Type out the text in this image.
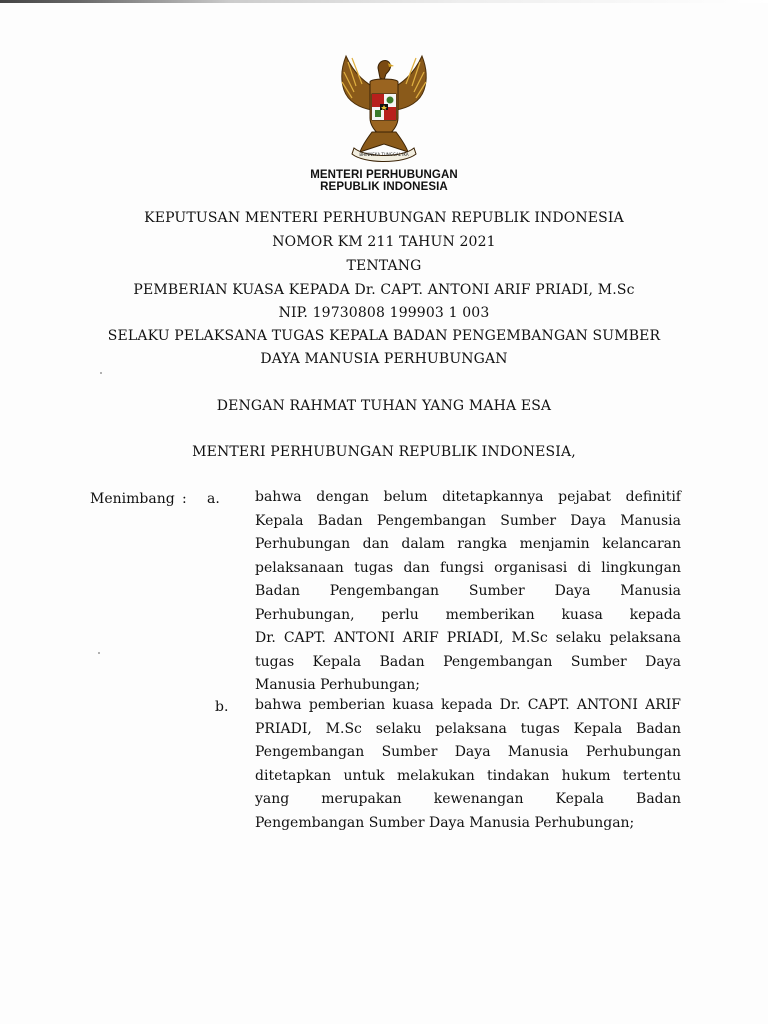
BHINNEKA TUNGGAL IKA
MENTERI PERHUBUNGAN
REPUBLIK INDONESIA
KEPUTUSAN MENTERI PERHUBUNGAN REPUBLIK INDONESIA
NOMOR KM 211 TAHUN 2021
TENTANG
PEMBERIAN KUASA KEPADA Dr. CAPT. ANTONI ARIF PRIADI, M.Sc
NIP. 19730808 199903 1 003
SELAKU PELAKSANA TUGAS KEPALA BADAN PENGEMBANGAN SUMBER
DAYA MANUSIA PERHUBUNGAN
DENGAN RAHMAT TUHAN YANG MAHA ESA
MENTERI PERHUBUNGAN REPUBLIK INDONESIA,
Menimbang : a.	bahwa dengan belum ditetapkannya pejabat definitif
Kepala Badan Pengembangan Sumber Daya Manusia
Perhubungan dan dalam rangka menjamin kelancaran
pelaksanaan tugas dan fungsi organisasi di lingkungan
Badan Pengembangan Sumber Daya Manusia
Perhubungan, perlu memberikan kuasa kepada
Dr. CAPT. ANTONI ARIF PRIADI, M.Sc selaku pelaksana
tugas Kepala Badan Pengembangan Sumber Daya
Manusia Perhubungan;
b. bahwa pemberian kuasa kepada Dr. CAPT. ANTONI ARIF
PRIADI, M.Sc selaku pelaksana tugas Kepala Badan
Pengembangan Sumber Daya Manusia Perhubungan
ditetapkan untuk melakukan tindakan hukum tertentu
yang merupakan kewenangan Kepala Badan
Pengembangan Sumber Daya Manusia Perhubungan;
